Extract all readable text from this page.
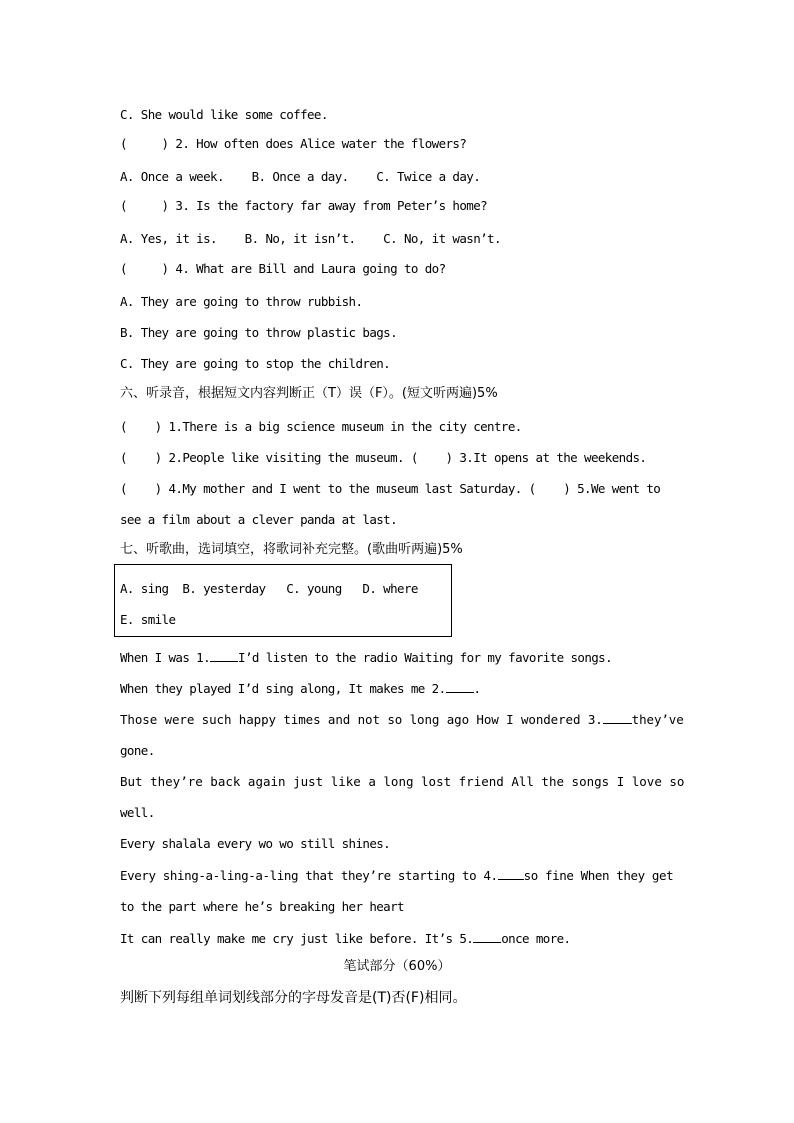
C. She would like some coffee.
(     ) 2. How often does Alice water the flowers?
A. Once a week.    B. Once a day.    C. Twice a day.
(     ) 3. Is the factory far away from Peter’s home?
A. Yes, it is.    B. No, it isn’t.    C. No, it wasn’t.
(     ) 4. What are Bill and Laura going to do?
A. They are going to throw rubbish.
B. They are going to throw plastic bags.
C. They are going to stop the children.
六、听录音，根据短文内容判断正（T）误（F）。(短文听两遍)5%
(    ) 1.There is a big science museum in the city centre.
(    ) 2.People like visiting the museum. (    ) 3.It opens at the weekends.
(    ) 4.My mother and I went to the museum last Saturday. (    ) 5.We went to
see a film about a clever panda at last.
七、听歌曲，选词填空，将歌词补充完整。(歌曲听两遍)5%
A. sing  B. yesterday   C. young   D. where
E. smile
When I was 1. I’d listen to the radio Waiting for my favorite songs.
When they played I’d sing along, It makes me 2. .
Those were such happy times and not so long ago How I wondered 3. they’ve
gone.
But they’re back again just like a long lost friend All the songs I love so
well.
Every shalala every wo wo still shines.
Every shing-a-ling-a-ling that they’re starting to 4. so fine When they get
to the part where he’s breaking her heart
It can really make me cry just like before. It’s 5. once more.
笔试部分（60%）
判断下列每组单词划线部分的字母发音是(T)否(F)相同。
